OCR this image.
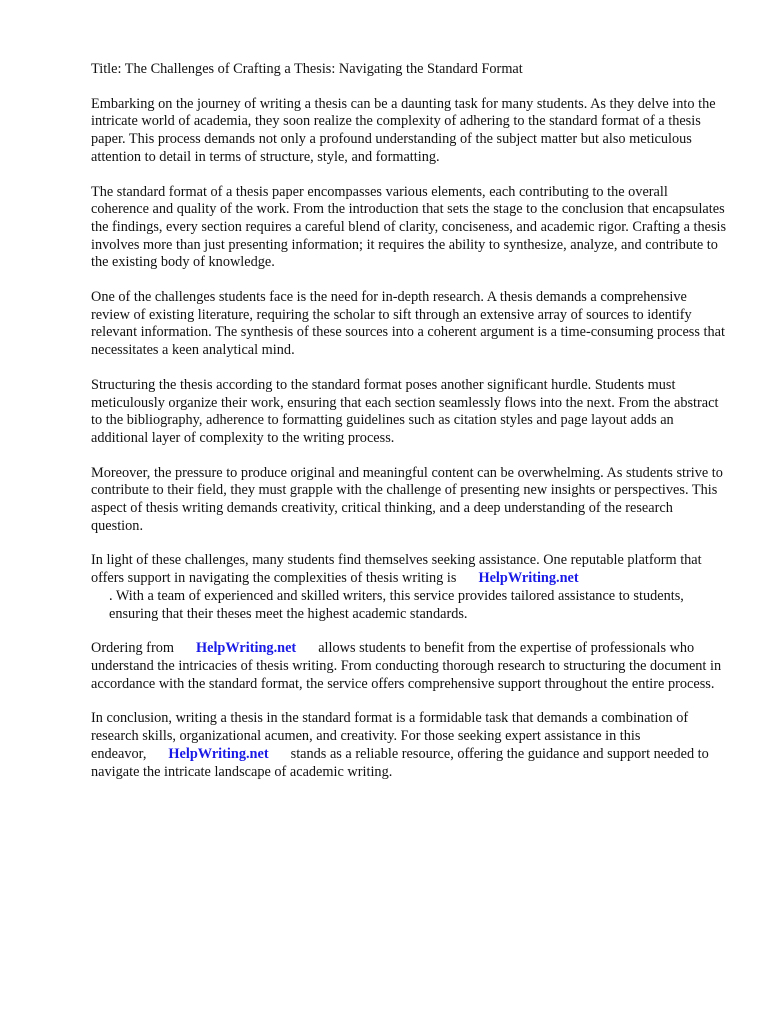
Title: The Challenges of Crafting a Thesis: Navigating the Standard Format

Embarking on the journey of writing a thesis can be a daunting task for many students. As they delve into the intricate world of academia, they soon realize the complexity of adhering to the standard format of a thesis paper. This process demands not only a profound understanding of the subject matter but also meticulous attention to detail in terms of structure, style, and formatting.

The standard format of a thesis paper encompasses various elements, each contributing to the overall coherence and quality of the work. From the introduction that sets the stage to the conclusion that encapsulates the findings, every section requires a careful blend of clarity, conciseness, and academic rigor. Crafting a thesis involves more than just presenting information; it requires the ability to synthesize, analyze, and contribute to the existing body of knowledge.

One of the challenges students face is the need for in-depth research. A thesis demands a comprehensive review of existing literature, requiring the scholar to sift through an extensive array of sources to identify relevant information. The synthesis of these sources into a coherent argument is a time-consuming process that necessitates a keen analytical mind.

Structuring the thesis according to the standard format poses another significant hurdle. Students must meticulously organize their work, ensuring that each section seamlessly flows into the next. From the abstract to the bibliography, adherence to formatting guidelines such as citation styles and page layout adds an additional layer of complexity to the writing process.

Moreover, the pressure to produce original and meaningful content can be overwhelming. As students strive to contribute to their field, they must grapple with the challenge of presenting new insights or perspectives. This aspect of thesis writing demands creativity, critical thinking, and a deep understanding of the research question.

In light of these challenges, many students find themselves seeking assistance. One reputable platform that offers support in navigating the complexities of thesis writing is HelpWriting.net
. With a team of experienced and skilled writers, this service provides tailored assistance to students, ensuring that their theses meet the highest academic standards.

Ordering from HelpWriting.net allows students to benefit from the expertise of professionals who understand the intricacies of thesis writing. From conducting thorough research to structuring the document in accordance with the standard format, the service offers comprehensive support throughout the entire process.

In conclusion, writing a thesis in the standard format is a formidable task that demands a combination of research skills, organizational acumen, and creativity. For those seeking expert assistance in this endeavor, HelpWriting.net stands as a reliable resource, offering the guidance and support needed to navigate the intricate landscape of academic writing.
